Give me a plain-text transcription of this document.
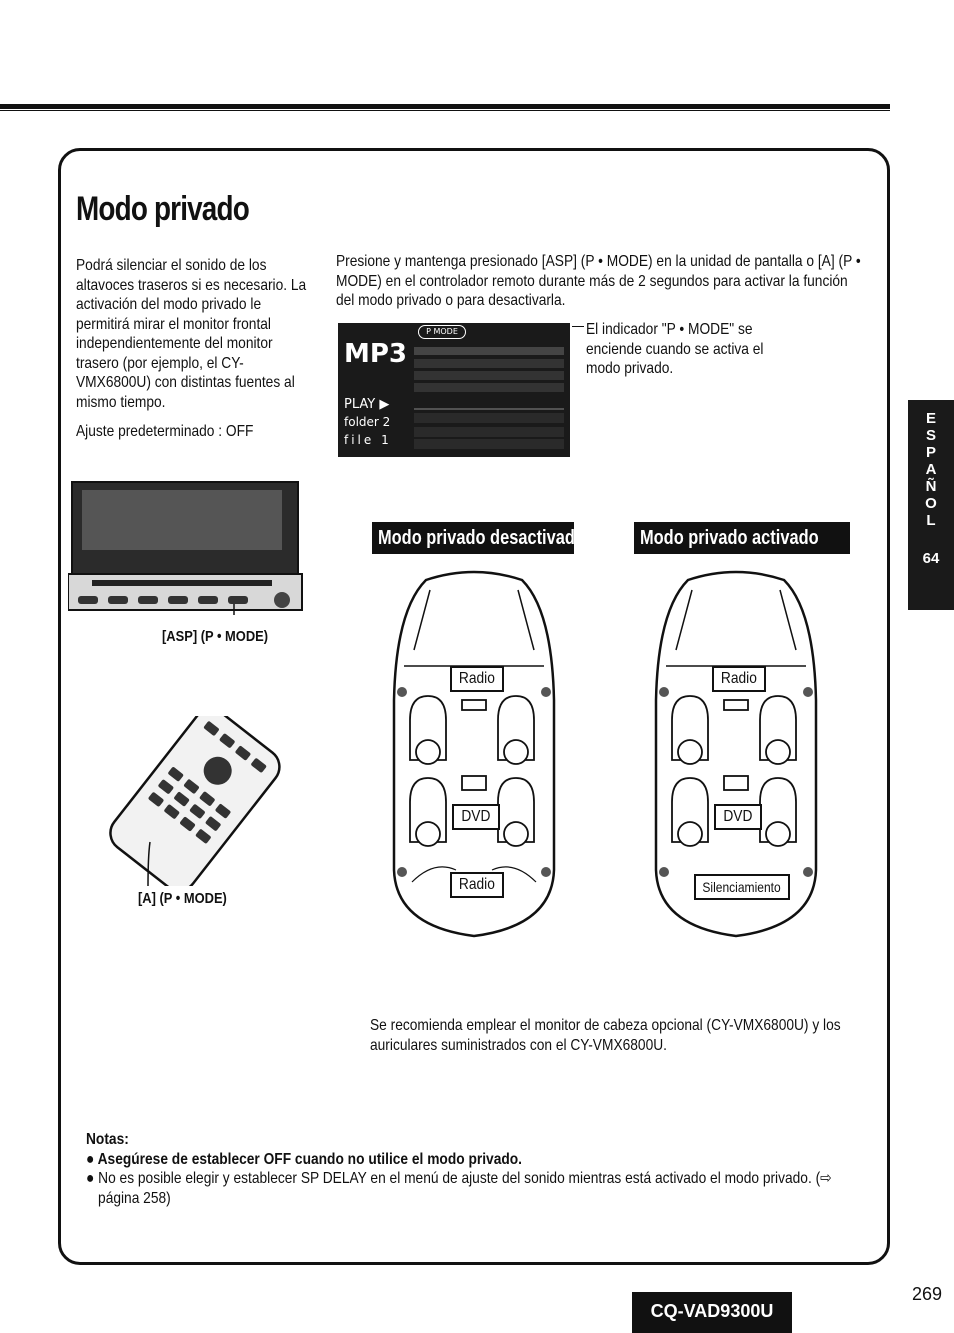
Modo privado

Podrá silenciar el sonido de los altavoces traseros si es necesario. La activación del modo privado le permitirá mirar el monitor frontal independientemente del monitor trasero (por ejemplo, el CY-VMX6800U) con distintas fuentes al mismo tiempo.

Ajuste predeterminado : OFF

Presione y mantenga presionado [ASP] (P • MODE) en la unidad de pantalla o [A] (P • MODE) en el controlador remoto durante más de 2 segundos para activar la función del modo privado o para desactivarla.

El indicador "P • MODE" se enciende cuando se activa el modo privado.

P MODE
MP3
PLAY ▶
folder 2
file 1
[ASP] (P • MODE)
[A] (P • MODE)
Modo privado desactivado	Modo privado activado
Radio
DVD
Radio
Radio
DVD
Silenciamiento

Se recomienda emplear el monitor de cabeza opcional (CY-VMX6800U) y los auriculares suministrados con el CY-VMX6800U.

Notas:

● Asegúrese de establecer OFF cuando no utilice el modo privado.

● No es posible elegir y establecer SP DELAY en el menú de ajuste del sonido mientras está activado el modo privado. (⇨ página 258)

E
S
P
A
Ñ
O
L
64
CQ-VAD9300U
269
